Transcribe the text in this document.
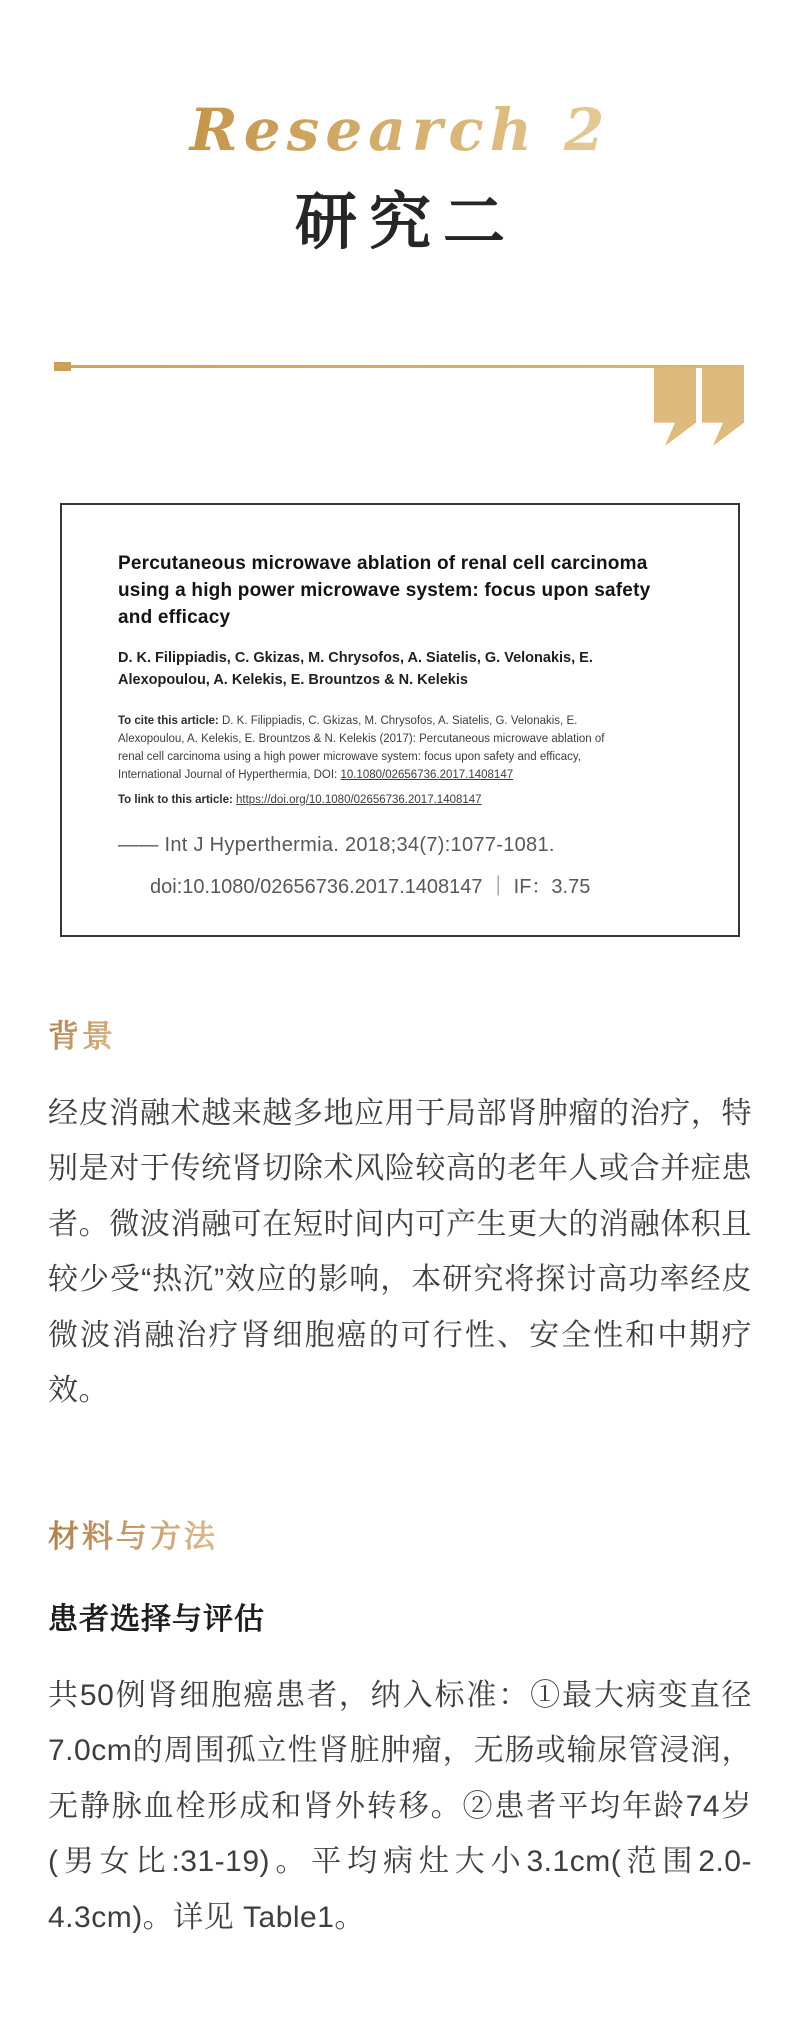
Research 2
研究二
Percutaneous microwave ablation of renal cell carcinoma using a high power microwave system: focus upon safety and efficacy
D. K. Filippiadis, C. Gkizas, M. Chrysofos, A. Siatelis, G. Velonakis, E. Alexopoulou, A. Kelekis, E. Brountzos & N. Kelekis
To cite this article: D. K. Filippiadis, C. Gkizas, M. Chrysofos, A. Siatelis, G. Velonakis, E. Alexopoulou, A. Kelekis, E. Brountzos & N. Kelekis (2017): Percutaneous microwave ablation of renal cell carcinoma using a high power microwave system: focus upon safety and efficacy, International Journal of Hyperthermia, DOI: 10.1080/02656736.2017.1408147
To link to this article: https://doi.org/10.1080/02656736.2017.1408147
—— Int J Hyperthermia. 2018;34(7):1077-1081.
doi:10.1080/02656736.2017.1408147 ｜ IF：3.75
背景

经皮消融术越来越多地应用于局部肾肿瘤的治疗，特别是对于传统肾切除术风险较高的老年人或合并症患者。微波消融可在短时间内可产生更大的消融体积且较少受“热沉”效应的影响，本研究将探讨高功率经皮微波消融治疗肾细胞癌的可行性、安全性和中期疗效。

材料与方法
患者选择与评估

共50例肾细胞癌患者，纳入标准：①最大病变直径7.0cm的周围孤立性肾脏肿瘤，无肠或输尿管浸润，无静脉血栓形成和肾外转移。②患者平均年龄74岁(男女比:31-19)。平均病灶大小3.1cm(范围2.0-4.3cm)。详见 Table1。
